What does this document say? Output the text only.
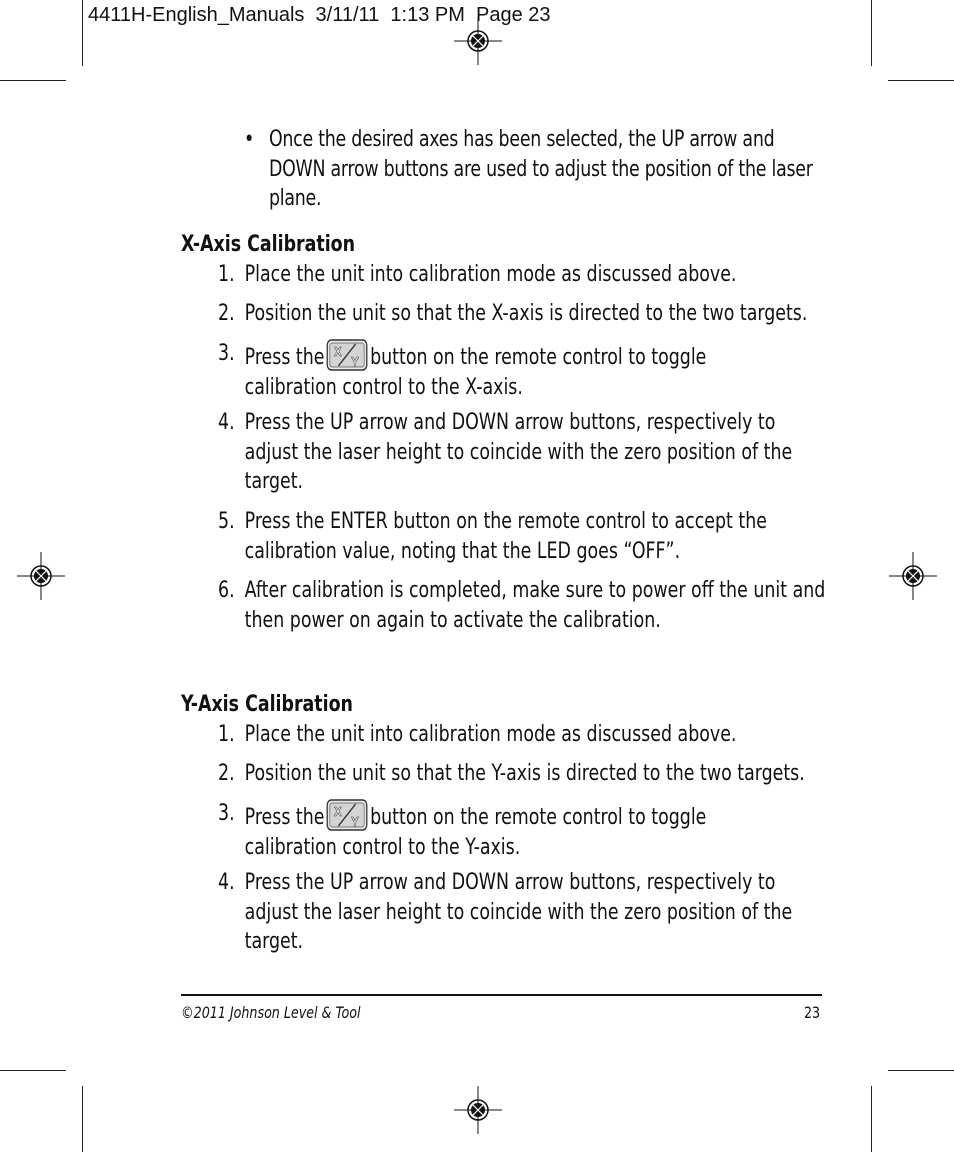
4411H-English_Manuals  3/11/11  1:13 PM  Page 23
• Once the desired axes has been selected, the UP arrow and DOWN arrow buttons are used to adjust the position of the laser plane.
X-Axis Calibration
1. Place the unit into calibration mode as discussed above.
2. Position the unit so that the X-axis is directed to the two targets.
3. Press the X
Y button on the remote control to toggle calibration control to the X-axis.
4. Press the UP arrow and DOWN arrow buttons, respectively to adjust the laser height to coincide with the zero position of the target.
5. Press the ENTER button on the remote control to accept the calibration value, noting that the LED goes “OFF”.
6. After calibration is completed, make sure to power off the unit and then power on again to activate the calibration.
Y-Axis Calibration
1. Place the unit into calibration mode as discussed above.
2. Position the unit so that the Y-axis is directed to the two targets.
3. Press the X
Y button on the remote control to toggle calibration control to the Y-axis.
4. Press the UP arrow and DOWN arrow buttons, respectively to adjust the laser height to coincide with the zero position of the target.
©2011 Johnson Level & Tool	23
